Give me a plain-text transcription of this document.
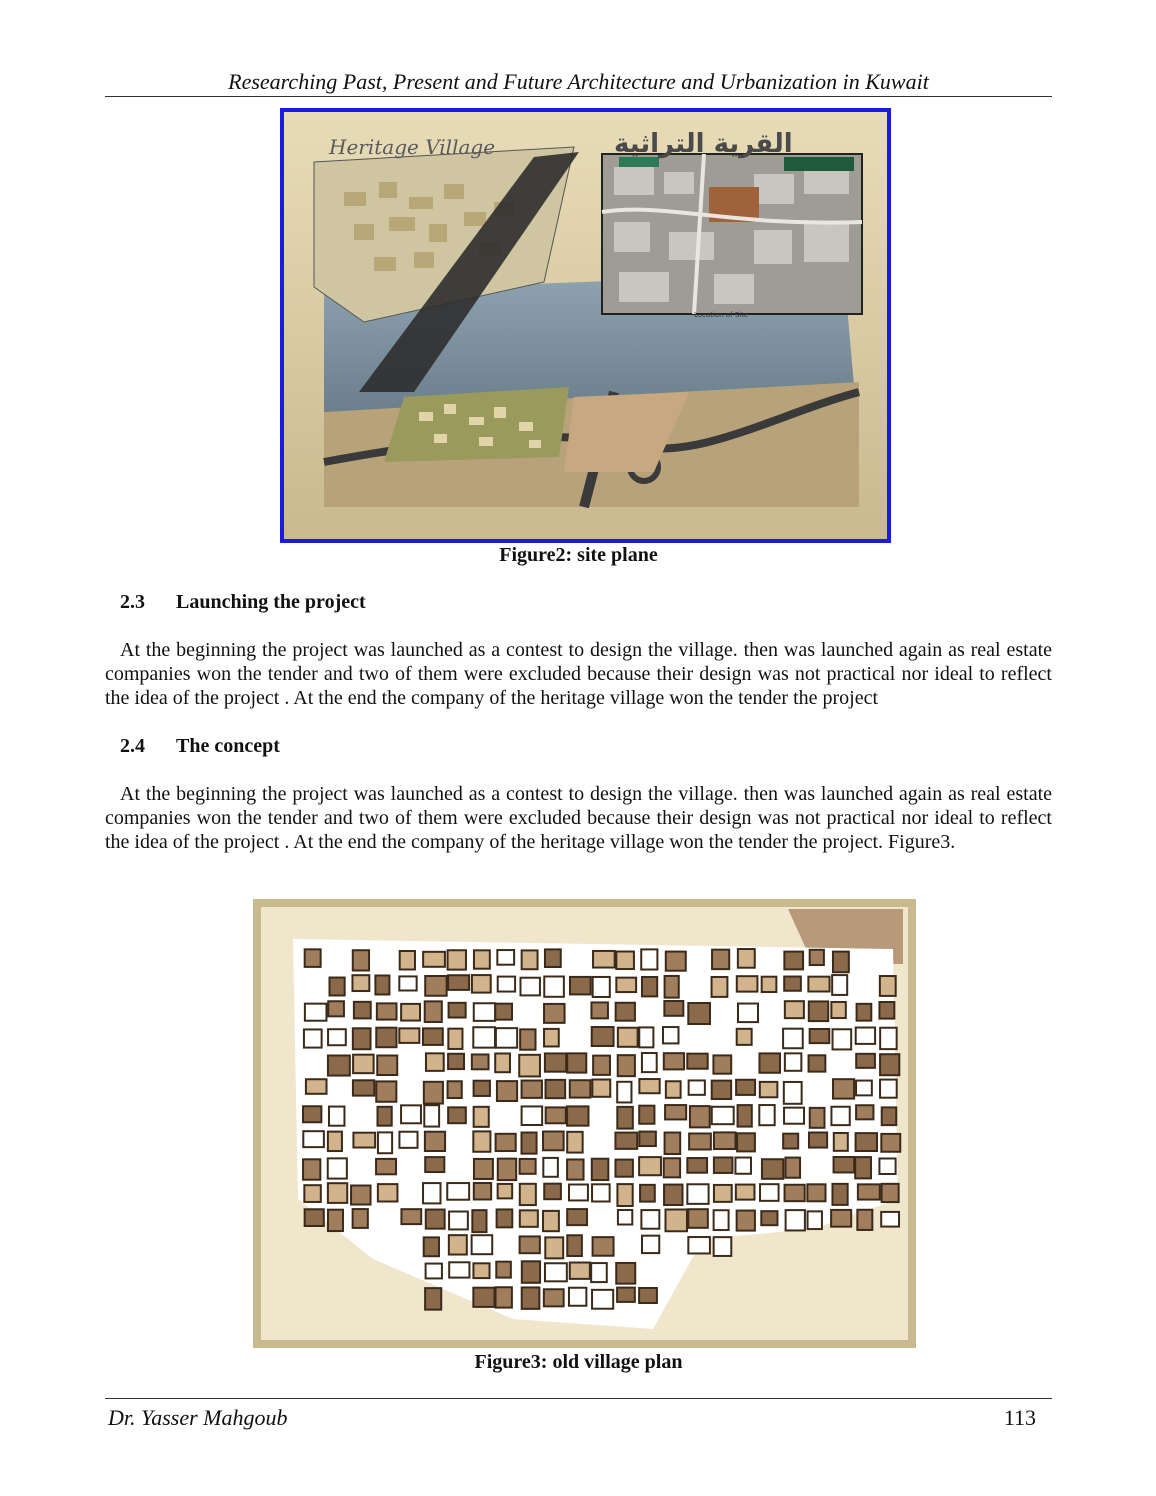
Researching Past, Present and Future Architecture and Urbanization in Kuwait
Location of Site
Heritage Village	القرية التراثية
Figure2: site plane
2.3 Launching the project

At the beginning the project was launched as a contest to design the village. then was launched again as real estate companies won the tender and two of them were excluded because their design was not practical nor ideal to reflect the idea of the project . At the end the company of the heritage village won the tender the project

2.4 The concept

At the beginning the project was launched as a contest to design the village. then was launched again as real estate companies won the tender and two of them were excluded because their design was not practical nor ideal to reflect the idea of the project . At the end the company of the heritage village won the tender the project. Figure3.

Figure3: old village plan
Dr. Yasser Mahgoub	113
